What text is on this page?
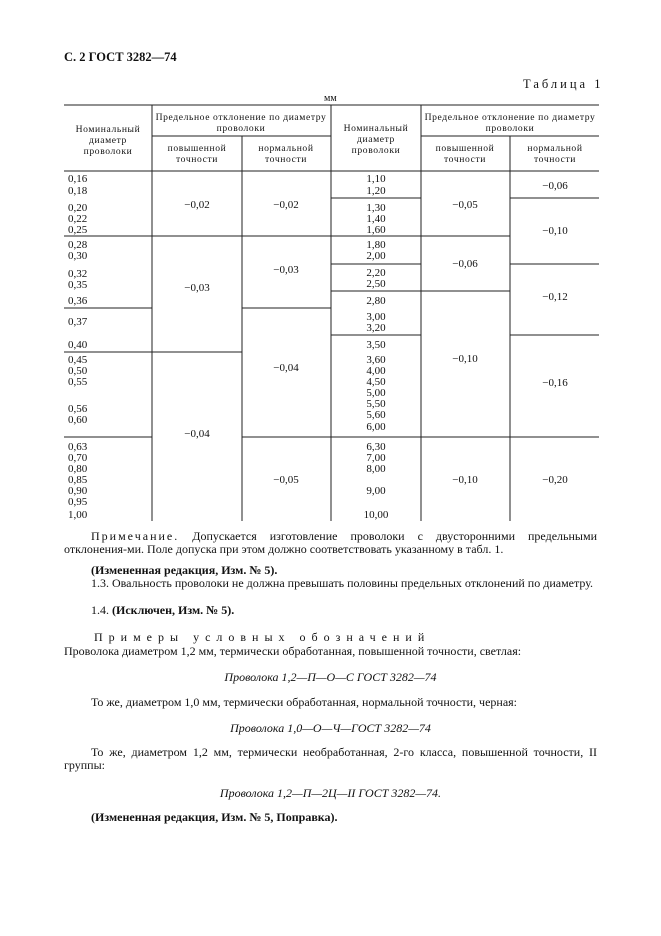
С. 2 ГОСТ 3282—74
Таблица 1
мм
Номинальный
диаметр
проволоки
Предельное отклонение по диаметру
проволоки
повышенной
точности
нормальной
точности
Номинальный
диаметр
проволоки
Предельное отклонение по диаметру
проволоки
повышенной
точности
нормальной
точности
0,16
0,18
0,20
0,22
0,25
0,28
0,30
0,32
0,35
0,36
0,37
0,40
0,45
0,50
0,55
0,56
0,60
0,63
0,70
0,80
0,85
0,90
0,95
1,00
−0,02
−0,03
−0,04
−0,02
−0,03
−0,04
−0,05
1,10
1,20
1,30
1,40
1,60
1,80
2,00
2,20
2,50
2,80
3,00
3,20
3,50
3,60
4,00
4,50
5,00
5,50
5,60
6,00
6,30
7,00
8,00
9,00
10,00
−0,05
−0,06
−0,10
−0,10
−0,06
−0,10
−0,12
−0,16
−0,20
Примечание. Допускается изготовление проволоки с двусторонними предельными отклонения-ми. Поле допуска при этом должно соответствовать указанному в табл. 1.
(Измененная редакция, Изм. № 5).
1.3. Овальность проволоки не должна превышать половины предельных отклонений по диаметру.
1.4. (Исключен, Изм. № 5).
Примеры условных обозначений
Проволока диаметром 1,2 мм, термически обработанная, повышенной точности, светлая:
Проволока 1,2—П—О—С ГОСТ 3282—74
То же, диаметром 1,0 мм, термически обработанная, нормальной точности, черная:
Проволока 1,0—О—Ч—ГОСТ 3282—74
То же, диаметром 1,2 мм, термически необработанная, 2-го класса, повышенной точности, II группы:
Проволока 1,2—П—2Ц—II ГОСТ 3282—74.
(Измененная редакция, Изм. № 5, Поправка).
